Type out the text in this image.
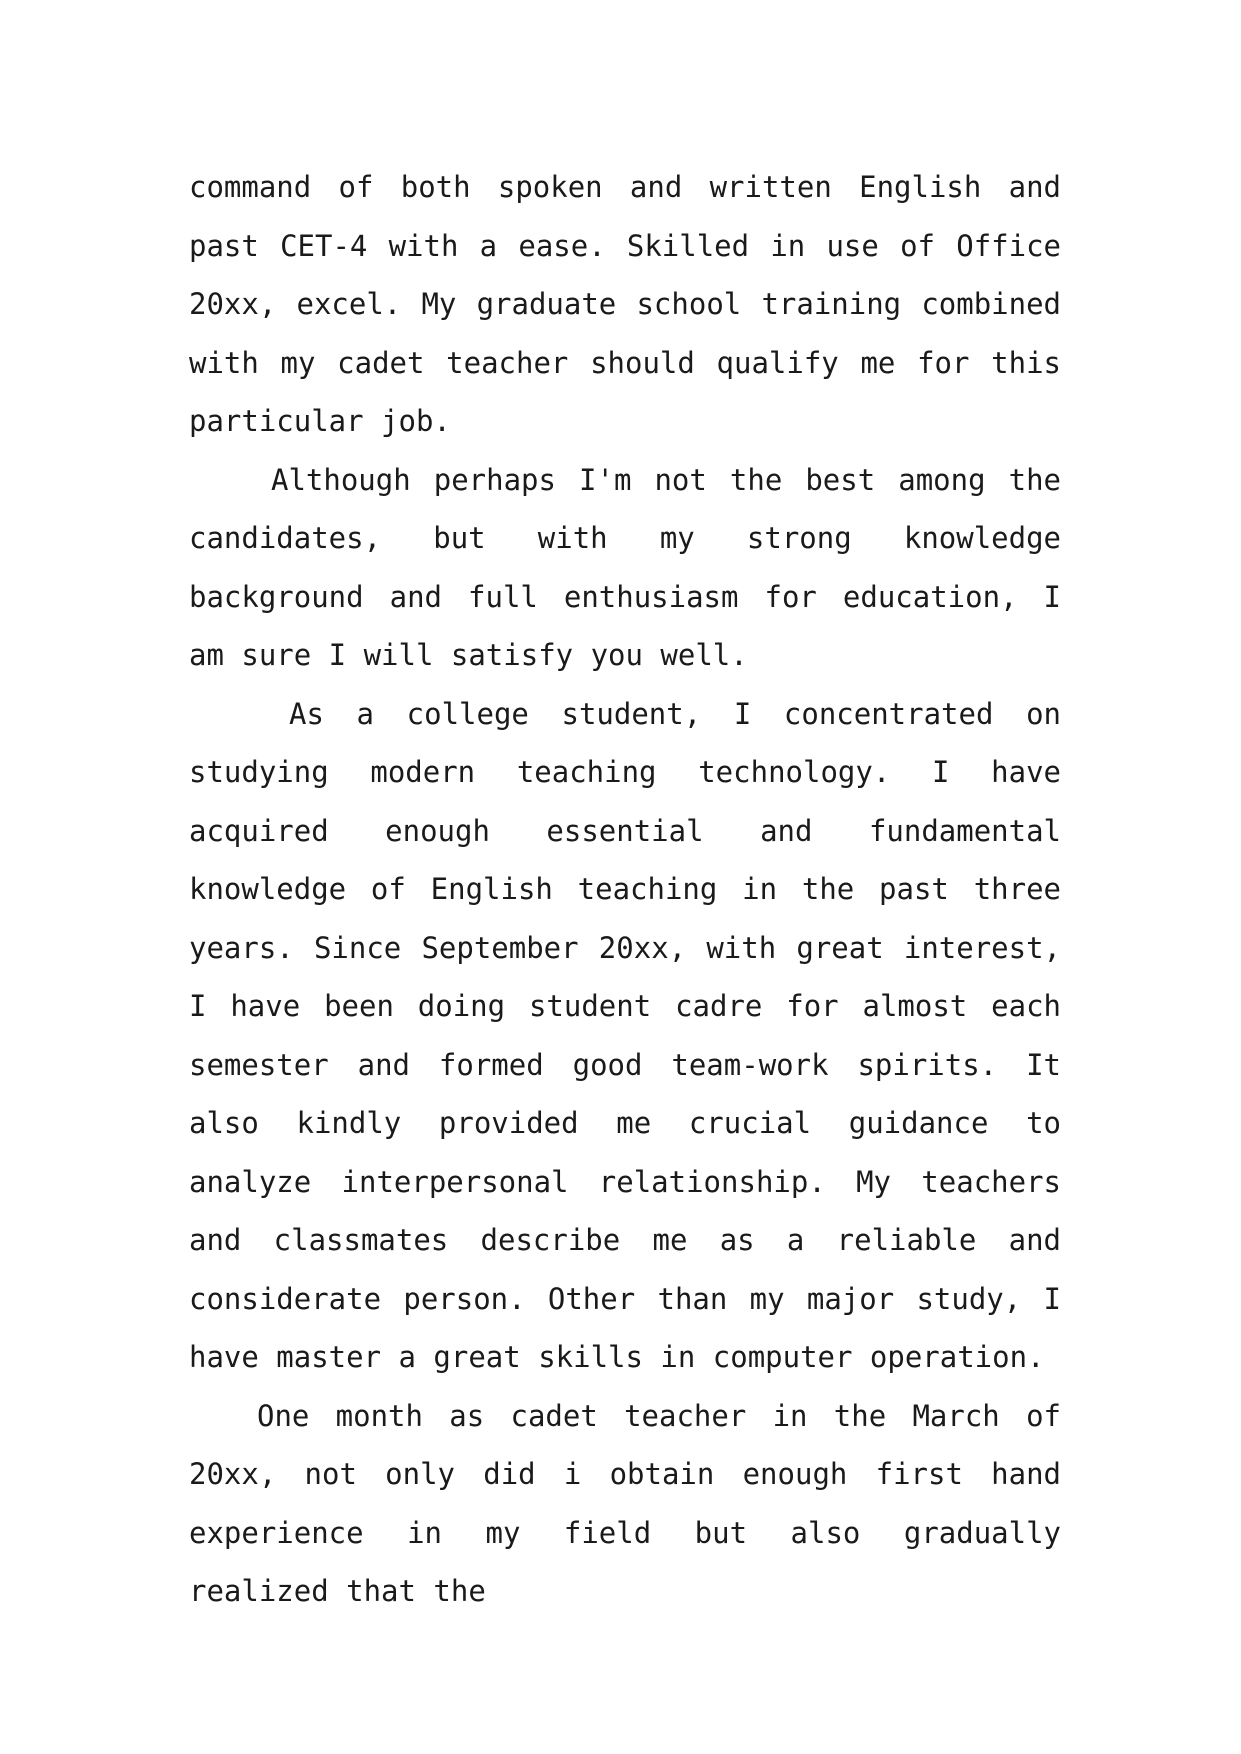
command of both spoken and written English and past CET-4 with a ease. Skilled in use of Office 20xx, excel. My graduate school training combined with my cadet teacher should qualify me for this particular job.

Although perhaps I'm not the best among the candidates, but with my strong knowledge background and full enthusiasm for education, I am sure I will satisfy you well.

As a college student, I concentrated on studying modern teaching technology. I have acquired enough essential and fundamental knowledge of English teaching in the past three years. Since September 20xx, with great interest, I have been doing student cadre for almost each semester and formed good team-work spirits. It also kindly provided me crucial guidance to analyze interpersonal relationship. My teachers and classmates describe me as a reliable and considerate person. Other than my major study, I have master a great skills in computer operation.

One month as cadet teacher in the March of 20xx, not only did i obtain enough first hand experience in my field but also gradually realized that the
